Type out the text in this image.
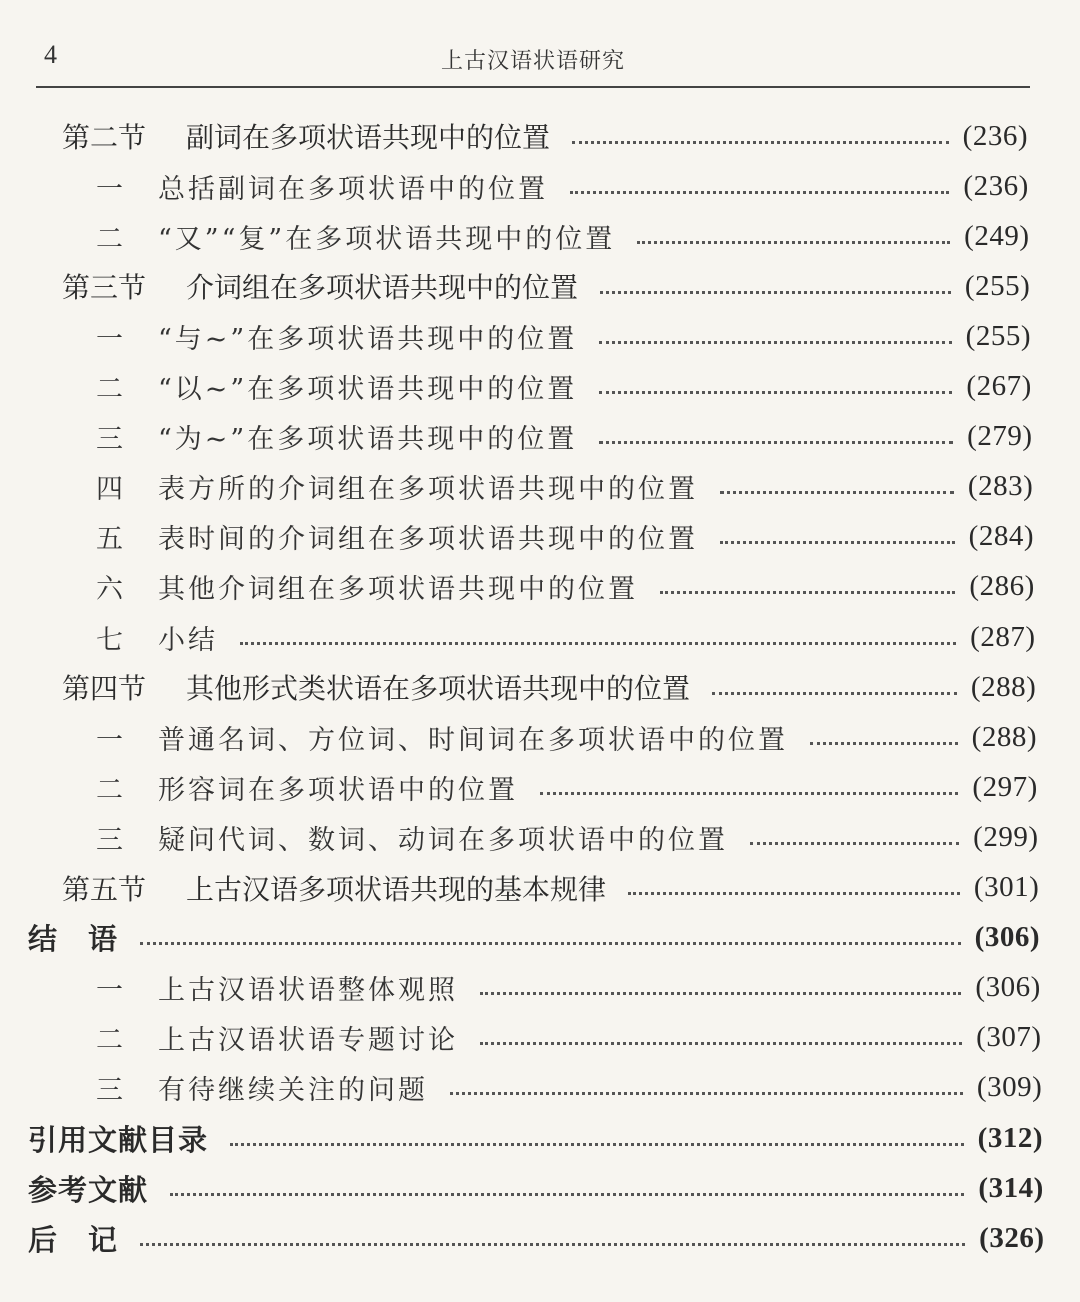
4	上古汉语状语研究
第二节	副词在多项状语共现中的位置	(236)
一	总括副词在多项状语中的位置	(236)
二	“又”“复”在多项状语共现中的位置	(249)
第三节	介词组在多项状语共现中的位置	(255)
一	“与~”在多项状语共现中的位置	(255)
二	“以~”在多项状语共现中的位置	(267)
三	“为~”在多项状语共现中的位置	(279)
四	表方所的介词组在多项状语共现中的位置	(283)
五	表时间的介词组在多项状语共现中的位置	(284)
六	其他介词组在多项状语共现中的位置	(286)
七	小结	(287)
第四节	其他形式类状语在多项状语共现中的位置	(288)
一	普通名词、方位词、时间词在多项状语中的位置	(288)
二	形容词在多项状语中的位置	(297)
三	疑问代词、数词、动词在多项状语中的位置	(299)
第五节	上古汉语多项状语共现的基本规律	(301)
结　语	(306)
一	上古汉语状语整体观照	(306)
二	上古汉语状语专题讨论	(307)
三	有待继续关注的问题	(309)
引用文献目录	(312)
参考文献	(314)
后　记	(326)
